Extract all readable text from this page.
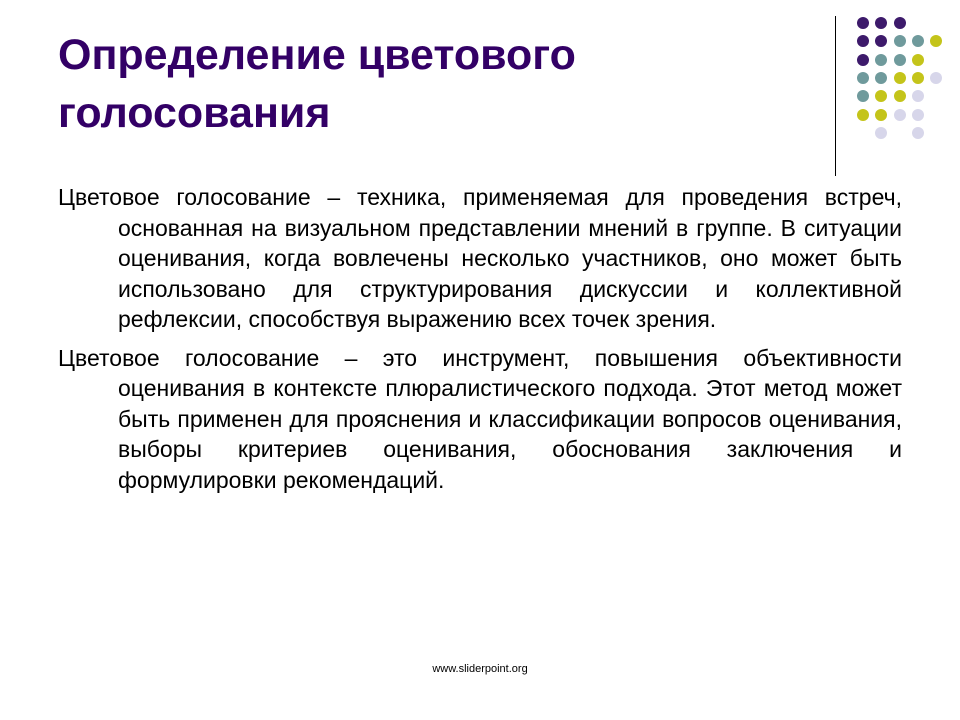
Определение цветового голосования

Цветовое голосование – техника, применяемая для проведения встреч, основанная на визуальном представлении мнений в группе. В ситуации оценивания, когда вовлечены несколько участников, оно может быть использовано для структурирования дискуссии и коллективной рефлексии, способствуя выражению всех точек зрения.

Цветовое голосование – это инструмент, повышения объективности оценивания в контексте плюралистического подхода. Этот метод может быть применен для прояснения и классификации вопросов оценивания, выборы критериев оценивания, обоснования заключения и формулировки рекомендаций.

www.sliderpoint.org
